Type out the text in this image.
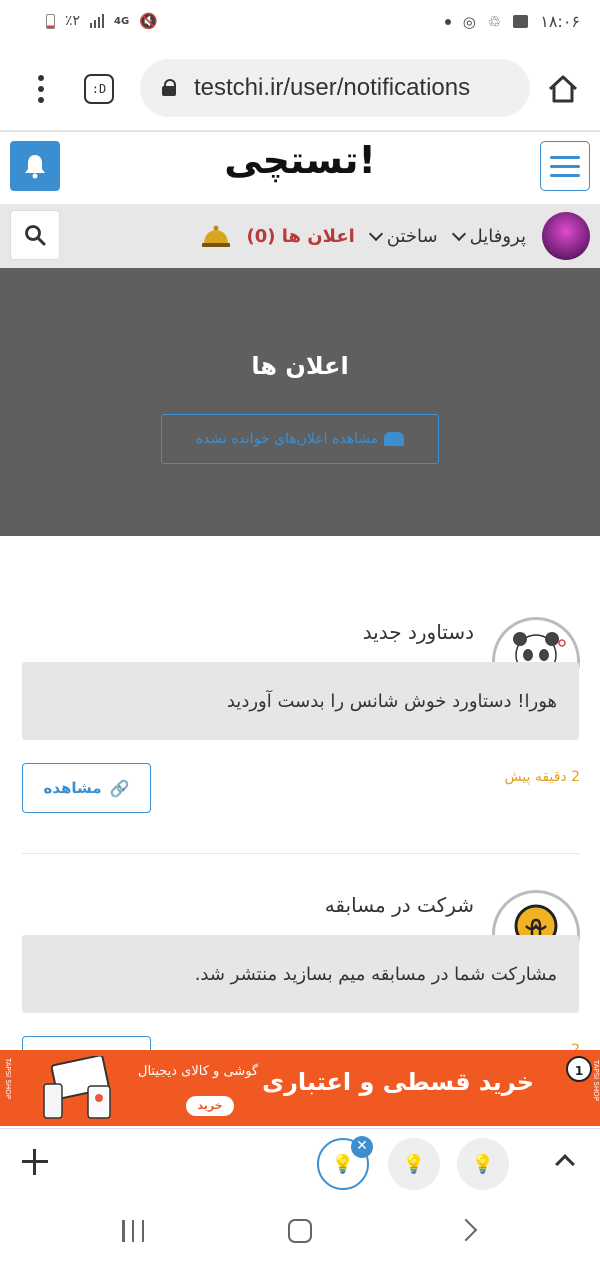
٪۲	4G 🔇	◎ ♲ ۱۸:۰۶
:D	testchi.ir/user/notifications
تستچی!
پروفایل
ساختن
اعلان ها (0)
اعلان ها
مشاهده اعلان‌های خوانده نشده
دستاورد جدید
هورا! دستاورد خوش شانس را بدست آوردید
2 دقیقه پیش
🔗
مشاهده
شرکت در مسابقه
مشارکت شما در مسابقه میم بسازید منتشر شد.
TAPSI SHOP
1
خرید قسطی و اعتباری
گوشی و کالای دیجیتال
خرید
TAPSI SHOP
💡
✕
💡	💡
